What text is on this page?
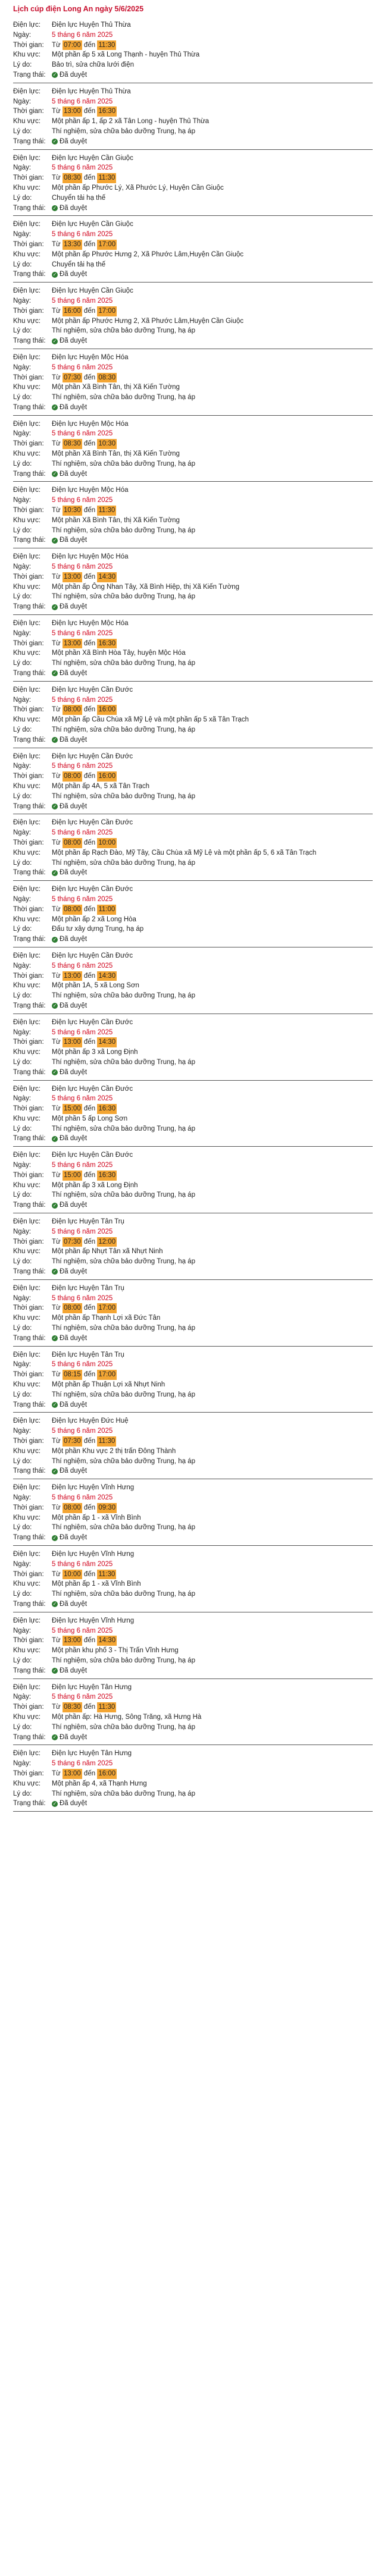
Lịch cúp điện Long An ngày 5/6/2025
Điện lực:	Điện lực Huyện Thủ Thừa
Ngày:	5 tháng 6 năm 2025
Thời gian:	Từ
07:00
đến
11:30
Khu vực:	Một phần ấp 5 xã Long Thạnh - huyện Thủ Thừa
Lý do:	Bảo trì, sửa chữa lưới điện
Trạng thái:	✓ Đã duyệt
Điện lực:	Điện lực Huyện Thủ Thừa
Ngày:	5 tháng 6 năm 2025
Thời gian:	Từ
13:00
đến
16:30
Khu vực:	Một phần ấp 1, ấp 2 xã Tân Long - huyện Thủ Thừa
Lý do:	Thí nghiệm, sửa chữa bảo dưỡng Trung, hạ áp
Trạng thái:	✓ Đã duyệt
Điện lực:	Điện lực Huyện Cần Giuộc
Ngày:	5 tháng 6 năm 2025
Thời gian:	Từ
08:30
đến
11:30
Khu vực:	Một phần ấp Phước Lý, Xã Phước Lý, Huyện Cần Giuộc
Lý do:	Chuyển tải hạ thế
Trạng thái:	✓ Đã duyệt
Điện lực:	Điện lực Huyện Cần Giuộc
Ngày:	5 tháng 6 năm 2025
Thời gian:	Từ
13:30
đến
17:00
Khu vực:	Một phần ấp Phước Hưng 2, Xã Phước Lâm,Huyện Cần Giuộc
Lý do:	Chuyển tải hạ thế
Trạng thái:	✓ Đã duyệt
Điện lực:	Điện lực Huyện Cần Giuộc
Ngày:	5 tháng 6 năm 2025
Thời gian:	Từ
16:00
đến
17:00
Khu vực:	Một phần ấp Phước Hưng 2, Xã Phước Lâm,Huyện Cần Giuộc
Lý do:	Thí nghiệm, sửa chữa bảo dưỡng Trung, hạ áp
Trạng thái:	✓ Đã duyệt
Điện lực:	Điện lực Huyện Mộc Hóa
Ngày:	5 tháng 6 năm 2025
Thời gian:	Từ
07:30
đến
08:30
Khu vực:	Một phần Xã Bình Tân, thị Xã Kiến Tường
Lý do:	Thí nghiệm, sửa chữa bảo dưỡng Trung, hạ áp
Trạng thái:	✓ Đã duyệt
Điện lực:	Điện lực Huyện Mộc Hóa
Ngày:	5 tháng 6 năm 2025
Thời gian:	Từ
08:30
đến
10:30
Khu vực:	Một phần Xã Bình Tân, thị Xã Kiến Tường
Lý do:	Thí nghiệm, sửa chữa bảo dưỡng Trung, hạ áp
Trạng thái:	✓ Đã duyệt
Điện lực:	Điện lực Huyện Mộc Hóa
Ngày:	5 tháng 6 năm 2025
Thời gian:	Từ
10:30
đến
11:30
Khu vực:	Một phần Xã Bình Tân, thị Xã Kiến Tường
Lý do:	Thí nghiệm, sửa chữa bảo dưỡng Trung, hạ áp
Trạng thái:	✓ Đã duyệt
Điện lực:	Điện lực Huyện Mộc Hóa
Ngày:	5 tháng 6 năm 2025
Thời gian:	Từ
13:00
đến
14:30
Khu vực:	Một phần ấp Ông Nhan Tây, Xã Bình Hiệp, thị Xã Kiến Tường
Lý do:	Thí nghiệm, sửa chữa bảo dưỡng Trung, hạ áp
Trạng thái:	✓ Đã duyệt
Điện lực:	Điện lực Huyện Mộc Hóa
Ngày:	5 tháng 6 năm 2025
Thời gian:	Từ
13:00
đến
16:30
Khu vực:	Một phần Xã Bình Hòa Tây, huyện Mộc Hóa
Lý do:	Thí nghiệm, sửa chữa bảo dưỡng Trung, hạ áp
Trạng thái:	✓ Đã duyệt
Điện lực:	Điện lực Huyện Cần Đước
Ngày:	5 tháng 6 năm 2025
Thời gian:	Từ
08:00
đến
16:00
Khu vực:	Một phần ấp Cầu Chùa xã Mỹ Lệ và một phần ấp 5 xã Tân Trạch
Lý do:	Thí nghiệm, sửa chữa bảo dưỡng Trung, hạ áp
Trạng thái:	✓ Đã duyệt
Điện lực:	Điện lực Huyện Cần Đước
Ngày:	5 tháng 6 năm 2025
Thời gian:	Từ
08:00
đến
16:00
Khu vực:	Một phần ấp 4A, 5 xã Tân Trạch
Lý do:	Thí nghiệm, sửa chữa bảo dưỡng Trung, hạ áp
Trạng thái:	✓ Đã duyệt
Điện lực:	Điện lực Huyện Cần Đước
Ngày:	5 tháng 6 năm 2025
Thời gian:	Từ
08:00
đến
10:00
Khu vực:	Một phần ấp Rạch Đào, Mỹ Tây, Cầu Chùa xã Mỹ Lệ và một phần ấp 5, 6 xã Tân Trạch
Lý do:	Thí nghiệm, sửa chữa bảo dưỡng Trung, hạ áp
Trạng thái:	✓ Đã duyệt
Điện lực:	Điện lực Huyện Cần Đước
Ngày:	5 tháng 6 năm 2025
Thời gian:	Từ
08:00
đến
11:00
Khu vực:	Một phần ấp 2 xã Long Hòa
Lý do:	Đấu tư xây dựng Trung, hạ áp
Trạng thái:	✓ Đã duyệt
Điện lực:	Điện lực Huyện Cần Đước
Ngày:	5 tháng 6 năm 2025
Thời gian:	Từ
13:00
đến
14:30
Khu vực:	Một phần 1A, 5 xã Long Sơn
Lý do:	Thí nghiệm, sửa chữa bảo dưỡng Trung, hạ áp
Trạng thái:	✓ Đã duyệt
Điện lực:	Điện lực Huyện Cần Đước
Ngày:	5 tháng 6 năm 2025
Thời gian:	Từ
13:00
đến
14:30
Khu vực:	Một phần ấp 3 xã Long Định
Lý do:	Thí nghiệm, sửa chữa bảo dưỡng Trung, hạ áp
Trạng thái:	✓ Đã duyệt
Điện lực:	Điện lực Huyện Cần Đước
Ngày:	5 tháng 6 năm 2025
Thời gian:	Từ
15:00
đến
16:30
Khu vực:	Một phần 5 ấp Long Sơn
Lý do:	Thí nghiệm, sửa chữa bảo dưỡng Trung, hạ áp
Trạng thái:	✓ Đã duyệt
Điện lực:	Điện lực Huyện Cần Đước
Ngày:	5 tháng 6 năm 2025
Thời gian:	Từ
15:00
đến
16:30
Khu vực:	Một phần ấp 3 xã Long Định
Lý do:	Thí nghiệm, sửa chữa bảo dưỡng Trung, hạ áp
Trạng thái:	✓ Đã duyệt
Điện lực:	Điện lực Huyện Tân Trụ
Ngày:	5 tháng 6 năm 2025
Thời gian:	Từ
07:30
đến
12:00
Khu vực:	Một phần ấp Nhựt Tân xã Nhựt Ninh
Lý do:	Thí nghiệm, sửa chữa bảo dưỡng Trung, hạ áp
Trạng thái:	✓ Đã duyệt
Điện lực:	Điện lực Huyện Tân Trụ
Ngày:	5 tháng 6 năm 2025
Thời gian:	Từ
08:00
đến
17:00
Khu vực:	Một phần ấp Thạnh Lợi xã Đức Tân
Lý do:	Thí nghiệm, sửa chữa bảo dưỡng Trung, hạ áp
Trạng thái:	✓ Đã duyệt
Điện lực:	Điện lực Huyện Tân Trụ
Ngày:	5 tháng 6 năm 2025
Thời gian:	Từ
08:15
đến
17:00
Khu vực:	Một phần ấp Thuận Lợi xã Nhựt Ninh
Lý do:	Thí nghiệm, sửa chữa bảo dưỡng Trung, hạ áp
Trạng thái:	✓ Đã duyệt
Điện lực:	Điện lực Huyện Đức Huệ
Ngày:	5 tháng 6 năm 2025
Thời gian:	Từ
07:30
đến
11:30
Khu vực:	Một phần Khu vực 2 thị trấn Đông Thành
Lý do:	Thí nghiệm, sửa chữa bảo dưỡng Trung, hạ áp
Trạng thái:	✓ Đã duyệt
Điện lực:	Điện lực Huyện Vĩnh Hưng
Ngày:	5 tháng 6 năm 2025
Thời gian:	Từ
08:00
đến
09:30
Khu vực:	Một phần ấp 1 - xã Vĩnh Bình
Lý do:	Thí nghiệm, sửa chữa bảo dưỡng Trung, hạ áp
Trạng thái:	✓ Đã duyệt
Điện lực:	Điện lực Huyện Vĩnh Hưng
Ngày:	5 tháng 6 năm 2025
Thời gian:	Từ
10:00
đến
11:30
Khu vực:	Một phần ấp 1 - xã Vĩnh Bình
Lý do:	Thí nghiệm, sửa chữa bảo dưỡng Trung, hạ áp
Trạng thái:	✓ Đã duyệt
Điện lực:	Điện lực Huyện Vĩnh Hưng
Ngày:	5 tháng 6 năm 2025
Thời gian:	Từ
13:00
đến
14:30
Khu vực:	Một phần khu phố 3 - Thị Trấn Vĩnh Hưng
Lý do:	Thí nghiệm, sửa chữa bảo dưỡng Trung, hạ áp
Trạng thái:	✓ Đã duyệt
Điện lực:	Điện lực Huyện Tân Hưng
Ngày:	5 tháng 6 năm 2025
Thời gian:	Từ
08:30
đến
11:30
Khu vực:	Một phần ấp: Hà Hưng, Sông Trăng, xã Hưng Hà
Lý do:	Thí nghiệm, sửa chữa bảo dưỡng Trung, hạ áp
Trạng thái:	✓ Đã duyệt
Điện lực:	Điện lực Huyện Tân Hưng
Ngày:	5 tháng 6 năm 2025
Thời gian:	Từ
13:00
đến
16:00
Khu vực:	Một phần ấp 4, xã Thạnh Hưng
Lý do:	Thí nghiệm, sửa chữa bảo dưỡng Trung, hạ áp
Trạng thái:	✓ Đã duyệt
